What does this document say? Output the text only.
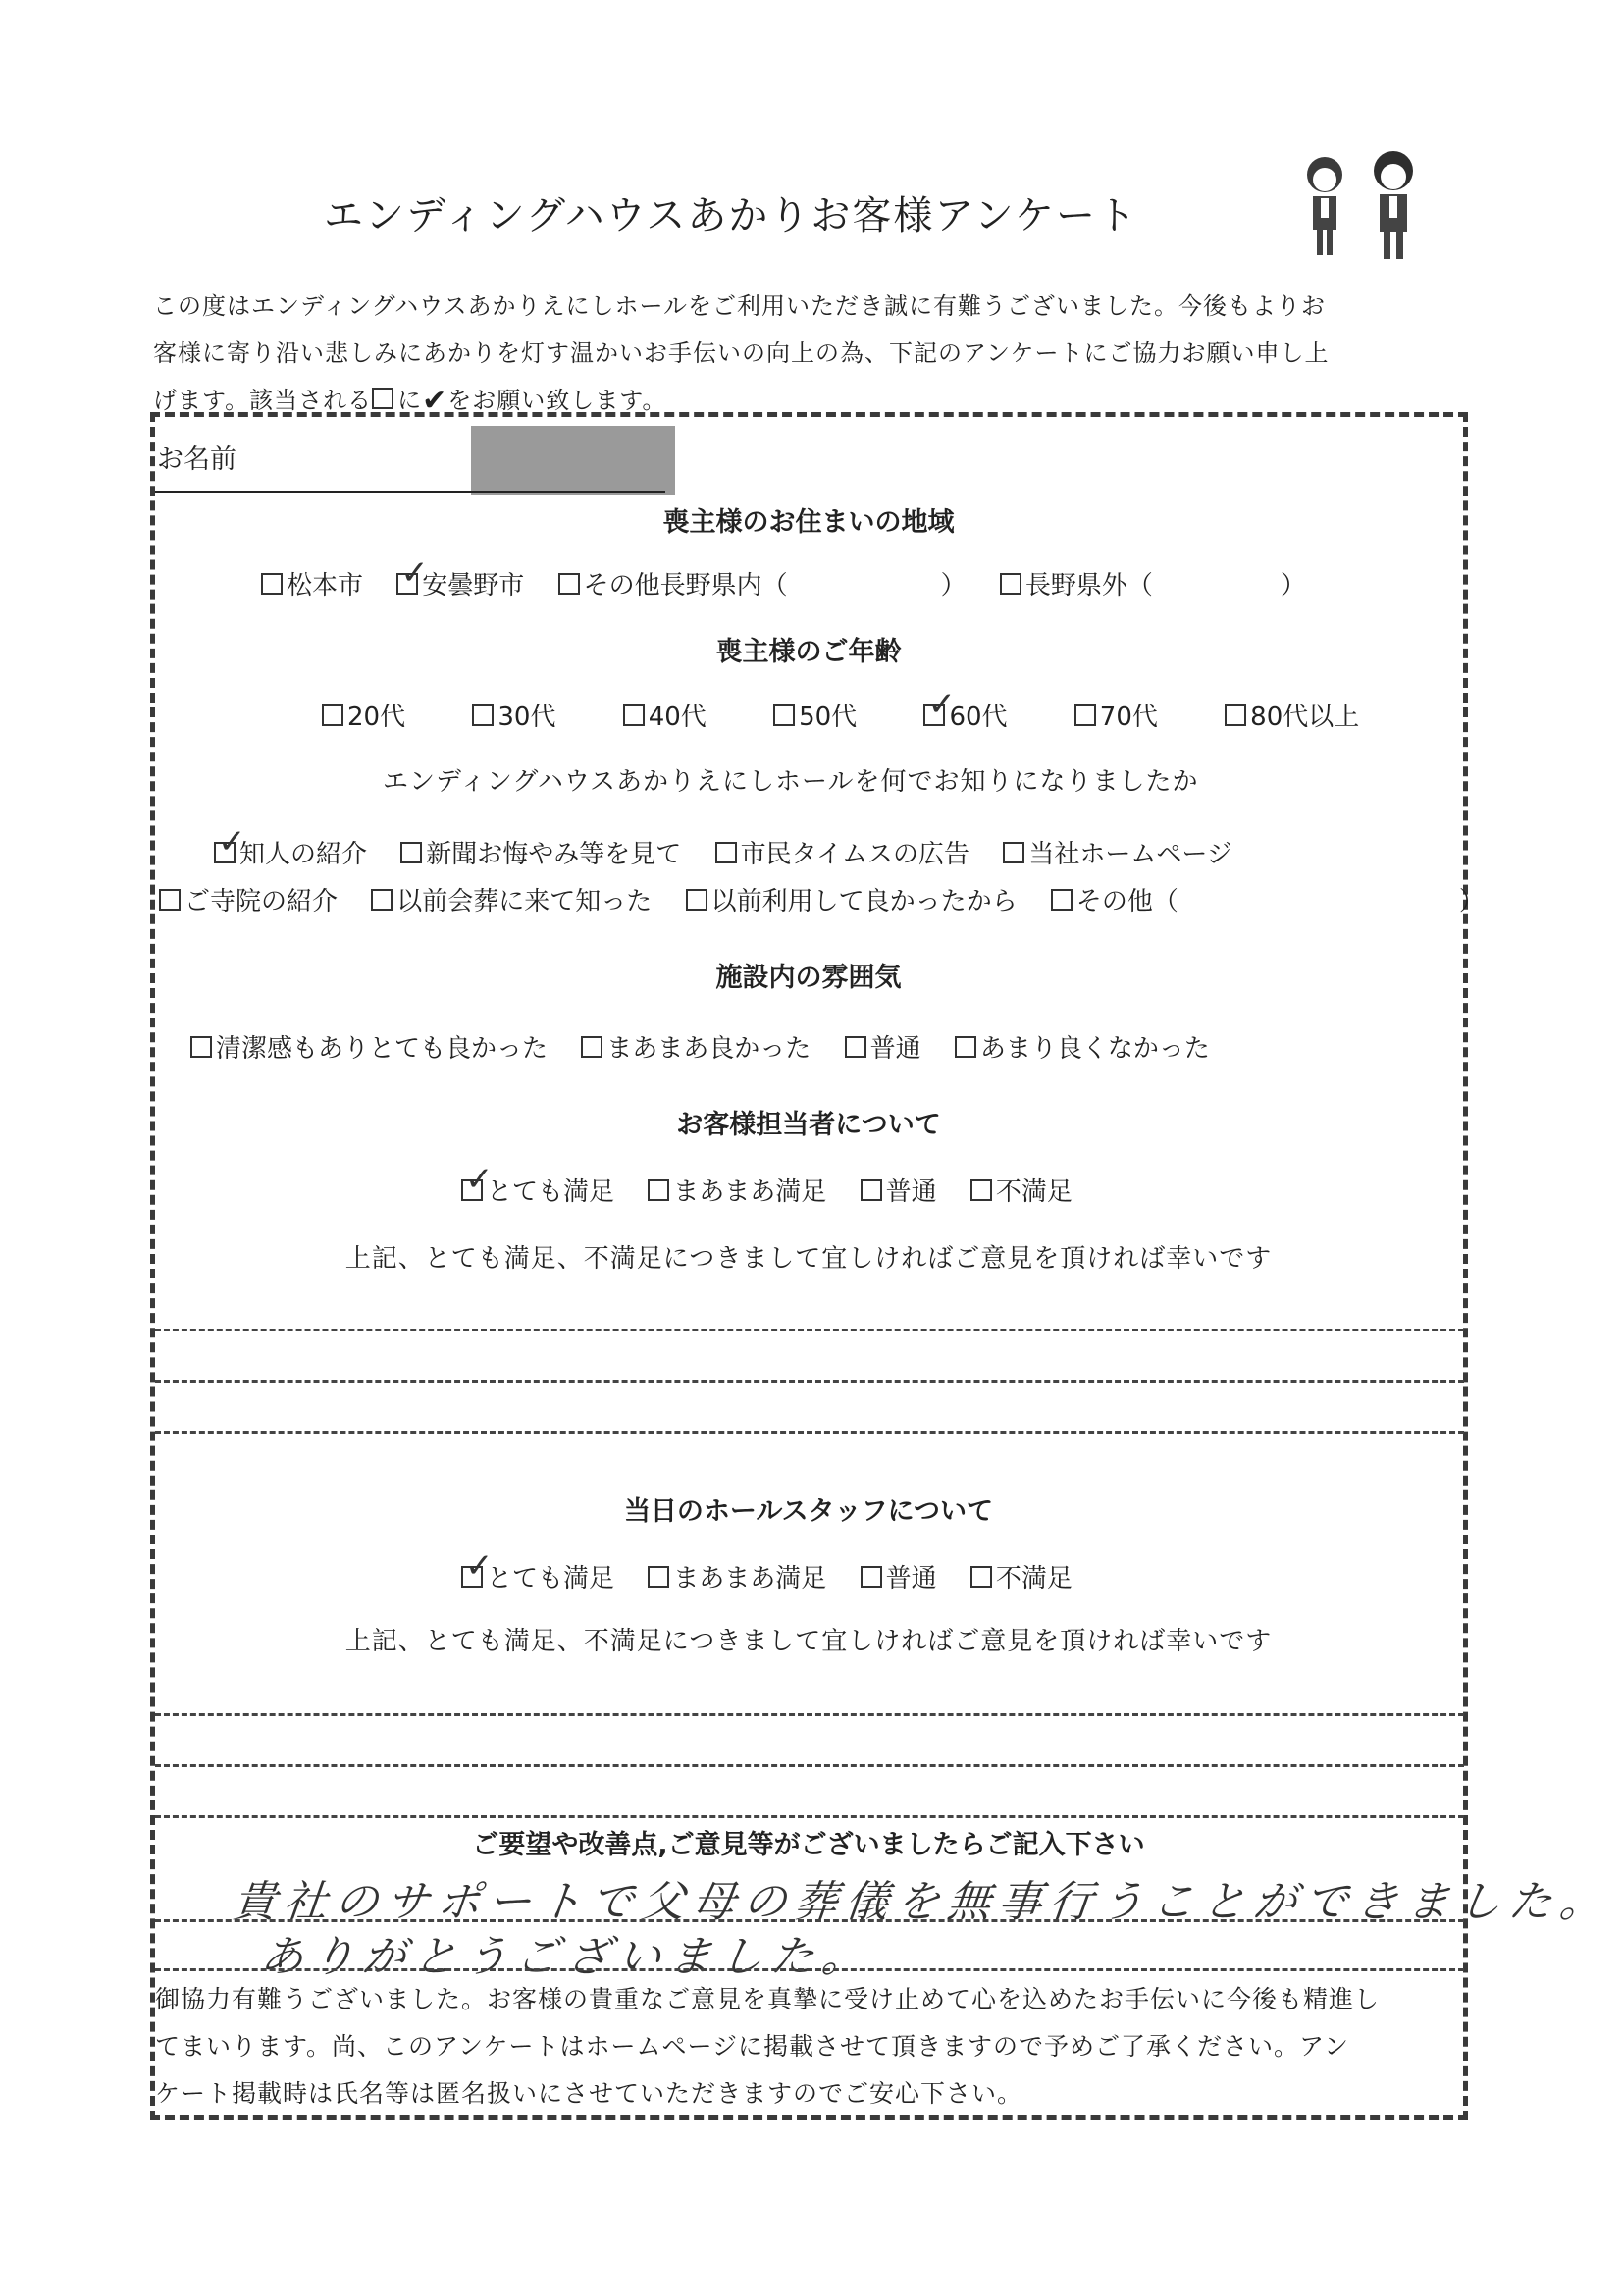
エンディングハウスあかりお客様アンケート
この度はエンディングハウスあかりえにしホールをご利用いただき誠に有難うございました。今後もよりお
客様に寄り沿い悲しみにあかりを灯す温かいお手伝いの向上の為、下記のアンケートにご協力お願い申し上
げます。該当される に✔をお願い致します。
お名前
喪主様のお住まいの地域
松本市 ✓ 安曇野市 その他長野県内（　　　　　　） 長野県外（　　　　　）
喪主様のご年齢
20代	30代	40代	50代 ✓	60代	70代	80代以上
エンディングハウスあかりえにしホールを何でお知りになりましたか
✓知人の紹介 新聞お悔やみ等を見て 市民タイムスの広告 当社ホームページ
ご寺院の紹介 以前会葬に来て知った 以前利用して良かったから その他（　　　　　　　　　　　）
施設内の雰囲気
清潔感もありとても良かった まあまあ良かった 普通 あまり良くなかった
お客様担当者について
✓とても満足 まあまあ満足 普通 不満足
上記、とても満足、不満足につきまして宜しければご意見を頂ければ幸いです
当日のホールスタッフについて
✓とても満足 まあまあ満足 普通 不満足
上記、とても満足、不満足につきまして宜しければご意見を頂ければ幸いです
ご要望や改善点,ご意見等がございましたらご記入下さい
貴社のサポートで父母の葬儀を無事行うことができました。
ありがとうございました。
御協力有難うございました。お客様の貴重なご意見を真摯に受け止めて心を込めたお手伝いに今後も精進し
てまいります。尚、このアンケートはホームページに掲載させて頂きますので予めご了承ください。アン
ケート掲載時は氏名等は匿名扱いにさせていただきますのでご安心下さい。
